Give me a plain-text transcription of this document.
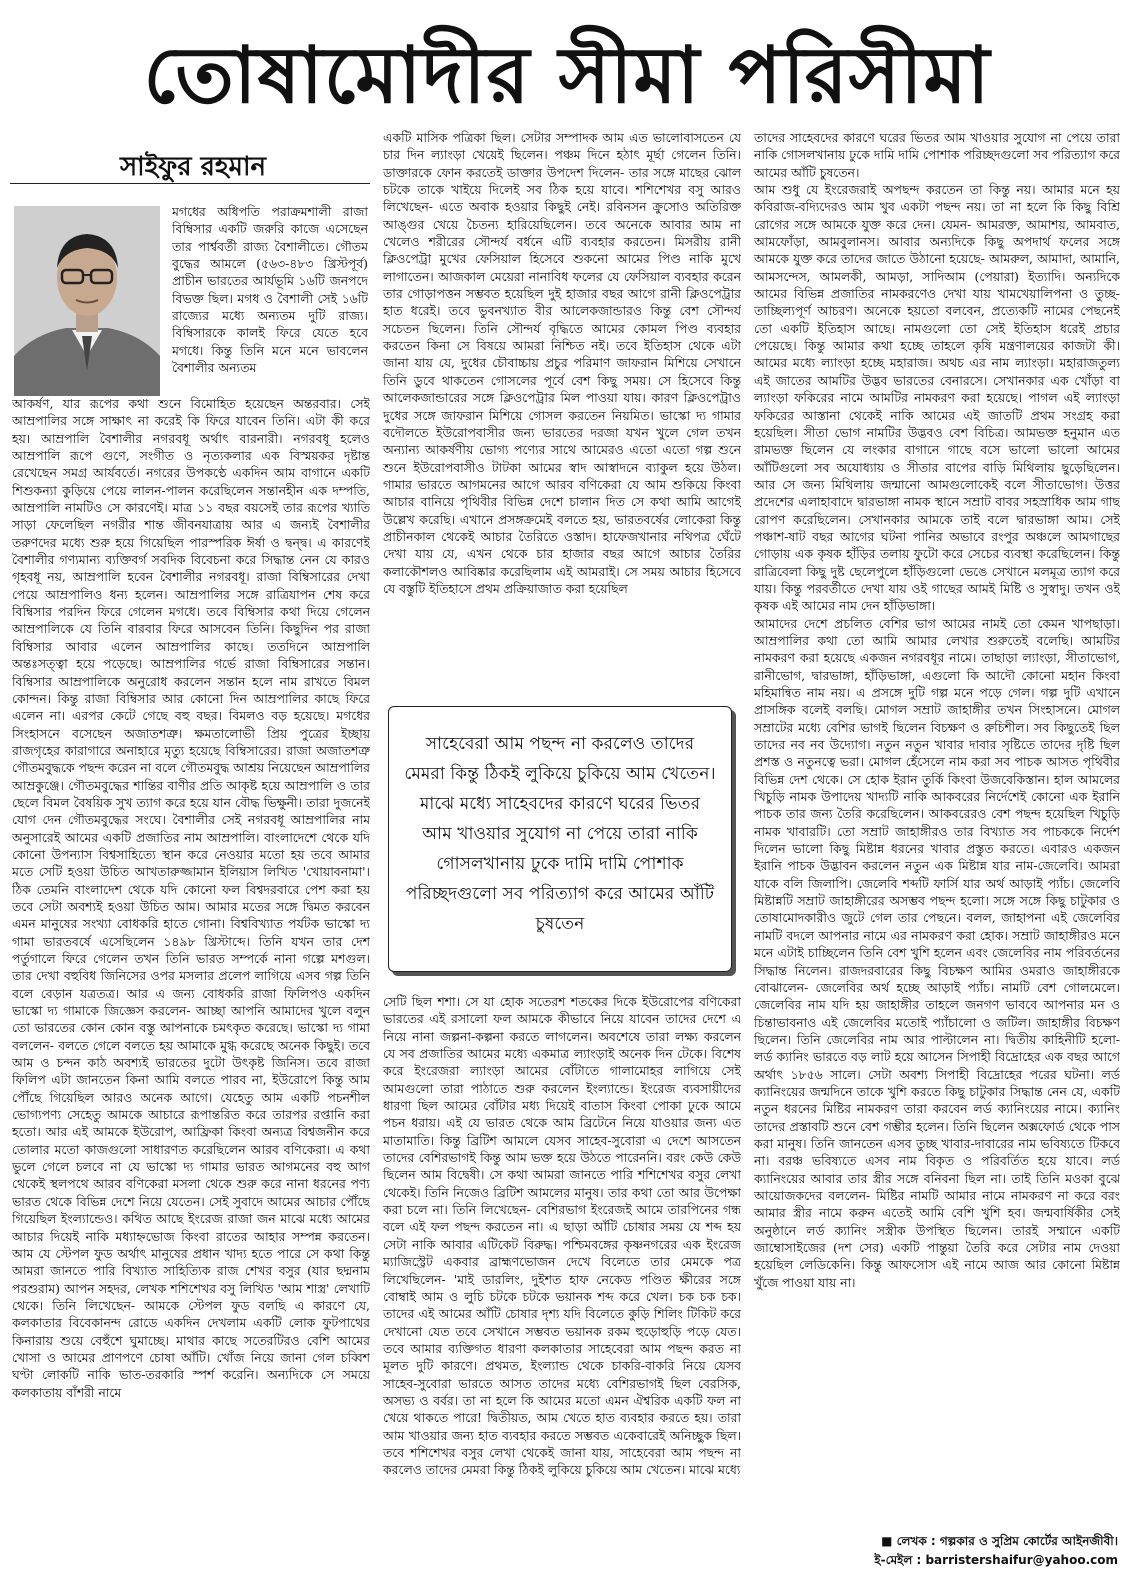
তোষামোদীর সীমা পরিসীমা
সাইফুর রহমান

মগধের অধিপতি পরাক্রমশালী রাজা বিম্বিসার একটি জরুরি কাজে এসেছেন তার পার্শ্ববর্তী রাজ্য বৈশালীতে। গৌতম বুদ্ধের আমলে (৫৬৩-৪৮৩ খ্রিস্টপূর্ব) প্রাচীন ভারতের আর্যভূমি ১৬টি জনপদে বিভক্ত ছিল। মগধ ও বৈশালী সেই ১৬টি রাজ্যের মধ্যে অন্যতম দুটি রাজ্য। বিম্বিসারকে কালই ফিরে যেতে হবে মগধে। কিন্তু তিনি মনে মনে ভাবলেন বৈশালীর অন্যতম

আকর্ষণ, যার রূপের কথা শুনে বিমোহিত হয়েছেন অন্তরবার। সেই আম্রপালির সঙ্গে সাক্ষাৎ না করেই কি ফিরে যাবেন তিনি। এটা কী করে হয়। আম্রপালি বৈশালীর নগরবধূ অর্থাৎ বারনারী। নগরবধূ হলেও আম্রপালি রূপে গুণে, সংগীত ও নৃত্যকলার এক বিস্ময়কর দৃষ্টান্ত রেখেছেন সমগ্র আর্যবর্তে। নগরের উপকণ্ঠে একদিন আম বাগানে একটি শিশুকন্যা কুড়িয়ে পেয়ে লালন-পালন করেছিলেন সন্তানহীন এক দম্পতি, আম্রপালি নামটিও সে কারণেই। মাত্র ১১ বছর বয়সেই তার রূপের খ্যাতি সাড়া ফেলেছিল নগরীর শান্ত জীবনযাত্রায় আর এ জন্যই বৈশালীর তরুণদের মধ্যে শুরু হয়ে গিয়েছিল পারস্পরিক ঈর্ষা ও দ্বন্দ্ব। এ কারণেই বৈশালীর গণ্যমান্য ব্যক্তিবর্গ সবদিক বিবেচনা করে সিদ্ধান্ত নেন যে কারও গৃহবধূ নয়, আম্রপালি হবেন বৈশালীর নগরবধূ। রাজা বিম্বিসারের দেখা পেয়ে আম্রপালিও ধন্য হলেন। আম্রপালির সঙ্গে রাত্রিযাপন শেষ করে বিম্বিসার পরদিন ফিরে গেলেন মগধে। তবে বিম্বিসার কথা দিয়ে গেলেন আম্রপালিকে যে তিনি বারবার ফিরে আসবেন তিনি। কিছুদিন পর রাজা বিম্বিসার আবার এলেন আম্রপালির কাছে। ততদিনে আম্রপালি অন্তঃসত্ত্বা হয়ে পড়েছে। আম্রপালির গর্ভে রাজা বিম্বিসারের সন্তান। বিম্বিসার আম্রপালিকে অনুরোধ করলেন সন্তান হলে নাম রাখতে বিমল কোন্দন। কিন্তু রাজা বিম্বিসার আর কোনো দিন আম্রপালির কাছে ফিরে এলেন না। এরপর কেটে গেছে বহু বছর। বিমলও বড় হয়েছে। মগধের সিংহাসনে বসেছেন অজাতশত্রু। ক্ষমতালোভী প্রিয় পুত্রের ইচ্ছায় রাজগৃহের কারাগারে অনাহারে মৃত্যু হয়েছে বিম্বিসারের। রাজা অজাতশত্রু গৌতমবুদ্ধকে পছন্দ করেন না বলে গৌতমবুদ্ধ আশ্রয় নিয়েছেন আম্রপালির আম্রকুঞ্জে। গৌতমবুদ্ধের শান্তির বাণীর প্রতি আকৃষ্ট হয়ে আম্রপালি ও তার ছেলে বিমল বৈষয়িক সুখ ত্যাগ করে হয়ে যান বৌদ্ধ ভিক্ষুনী। তারা দুজনেই যোগ দেন গৌতমবুদ্ধের সংঘে। বৈশালীর সেই নগরবধূ আম্রপালির নাম অনুসারেই আমের একটি প্রজাতির নাম আম্রপালি। বাংলাদেশে থেকে যদি কোনো উপন্যাস বিশ্বসাহিত্যে স্থান করে নেওয়ার মতো হয় তবে আমার মতে সেটি হওয়া উচিত আখতারুজ্জামান ইলিয়াস লিখিত 'খোয়াবনামা'। ঠিক তেমনি বাংলাদেশ থেকে যদি কোনো ফল বিশ্বদরবারে পেশ করা হয় তবে সেটা অবশ্যই হওয়া উচিত আম। আমার মতের সঙ্গে দ্বিমত করবেন এমন মানুষের সংখ্যা বোধকরি হাতে গোনা। বিশ্ববিখ্যাত পর্যটক ভাস্কো দ্য গামা ভারতবর্ষে এসেছিলেন ১৪৯৮ খ্রিস্টাব্দে। তিনি যখন তার দেশ পর্তুগালে ফিরে গেলেন তখন তিনি ভারত সম্পর্কে নানা গল্পে মশগুল। তার দেখা বহুবিধ জিনিসের ওপর মসলার প্রলেপ লাগিয়ে এসব গল্প তিনি বলে বেড়ান যত্রতত্র। আর এ জন্য বোধকরি রাজা ফিলিপও একদিন ভাস্কো দ্য গামাকে জিজ্ঞেস করলেন- আচ্ছা আপনি আমাদের খুলে বলুন তো ভারতের কোন কোন বস্তু আপনাকে চমৎকৃত করেছে। ভাস্কো দ্য গামা বললেন- বলতে গেলে বলতে হয় আমাকে মুগ্ধ করেছে অনেক কিছুই। তবে আম ও চন্দন কাঠ অবশ্যই ভারতের দুটো উৎকৃষ্ট জিনিস। তবে রাজা ফিলিপ এটা জানতেন কিনা আমি বলতে পারব না, ইউরোপে কিন্তু আম পৌঁছে গিয়েছিল আরও অনেক আগে। যেহেতু আম একটি পচনশীল ভোগ্যপণ্য সেহেতু আমকে আচারে রূপান্তরিত করে তারপর রপ্তানি করা হতো। আর এই আমকে ইউরোপ, আফ্রিকা কিংবা অন্যত্র বিশ্বজনীন করে তোলার মতো কাজগুলো সাধারণত করেছিলেন আরব বণিকেরা। এ কথা ভুলে গেলে চলবে না যে ভাস্কো দ্য গামার ভারত আগমনের বহু আগ থেকেই স্থলপথে আরব বণিকেরা মসলা থেকে শুরু করে নানা ধরনের পণ্য ভারত থেকে বিভিন্ন দেশে নিয়ে যেতেন। সেই সুবাদে আমের আচার পৌঁছে গিয়েছিল ইংল্যান্ডেও। কথিত আছে ইংরেজ রাজা জন মাঝে মধ্যে আমের আচার দিয়েই নাকি মধ্যাহ্নভোজ কিংবা রাতের আহার সম্পন্ন করতেন। আম যে স্টেপল ফুড অর্থাৎ মানুষের প্রধান খাদ্য হতে পারে সে কথা কিন্তু আমরা জানতে পারি বিখ্যাত সাহিত্যিক রাজ শেখর বসুর (যার ছদ্মনাম পরশুরাম) আপন সহদর, লেখক শশিশেখর বসু লিখিত 'আম শাস্ত্র' লেখাটি থেকে। তিনি লিখেছেন- আমকে স্টেপল ফুড বলছি এ কারণে যে, কলকাতার বিবেকানন্দ রোডে একদিন দেখলাম একটি লোক ফুটপাথের কিনারায় শুয়ে বেহুঁশে ঘুমাচ্ছে। মাথার কাছে সতেরটিরও বেশি আমের খোসা ও আমের প্রাণপণে চোষা আঁটি। খোঁজ নিয়ে জানা গেল চব্বিশ ঘণ্টা লোকটি নাকি ভাত-তরকারি স্পর্শ করেনি। অন্যদিকে সে সময়ে কলকাতায় বাঁশরী নামে

একটি মাসিক পত্রিকা ছিল। সেটার সম্পাদক আম এত ভালোবাসতেন যে চার দিন ল্যাংড়া খেয়েই ছিলেন। পঞ্চম দিনে হঠাৎ মূর্ছা গেলেন তিনি। ডাক্তারকে ফোন করতেই ডাক্তার উপদেশ দিলেন- তার সঙ্গে মাছের ঝোল চটকে তাকে খাইয়ে দিলেই সব ঠিক হয়ে যাবে। শশিশেখর বসু আরও লিখেছেন- এতে অবাক হওয়ার কিছুই নেই। রবিনসন ক্রুসোও অতিরিক্ত আঙ্গুর খেয়ে চৈতন্য হারিয়েছিলেন। তবে অনেকে আবার আম না খেলেও শরীরের সৌন্দর্য বর্ধনে এটি ব্যবহার করতেন। মিসরীয় রানী ক্লিওপেট্রা মুখের ফেসিয়াল হিসেবে শুকনো আমের পিণ্ড নাকি মুখে লাগাতেন। আজকাল মেয়েরা নানাবিধ ফলের যে ফেসিয়াল ব্যবহার করেন তার গোড়াপত্তন সম্ভবত হয়েছিল দুই হাজার বছর আগে রানী ক্লিওপেট্রার হাত ধরেই। তবে ভুবনখ্যাত বীর আলেকজান্ডারও কিন্তু বেশ সৌন্দর্য সচেতন ছিলেন। তিনি সৌন্দর্য বৃদ্ধিতে আমের কোমল পিণ্ড ব্যবহার করতেন কিনা সে বিষয়ে আমরা নিশ্চিত নই। তবে ইতিহাস থেকে এটা জানা যায় যে, দুধের চৌবাচ্চায় প্রচুর পরিমাণ জাফরান মিশিয়ে সেখানে তিনি ডুবে থাকতেন গোসলের পূর্বে বেশ কিছু সময়। সে হিসেবে কিন্তু আলেকজান্ডারের সঙ্গে ক্লিওপেট্রার মিল পাওয়া যায়। কারণ ক্লিওপেট্রাও দুধের সঙ্গে জাফরান মিশিয়ে গোসল করতেন নিয়মিত। ভাস্কো দ্য গামার বদৌলতে ইউরোপবাসীর জন্য ভারতের দরজা যখন খুলে গেল তখন অন্যান্য আকর্ষণীয় ভোগ্য পণ্যের সাথে আমেরও এতো এতো গল্প শুনে শুনে ইউরোপবাসীও টাটকা আমের স্বাদ আস্বাদনে ব্যাকুল হয়ে উঠল। গামার ভারতে আগমনের আগে আরব বণিকেরা যে আম শুকিয়ে কিংবা আচার বানিয়ে পৃথিবীর বিভিন্ন দেশে চালান দিত সে কথা আমি আগেই উল্লেখ করেছি। এখানে প্রসঙ্গক্রমেই বলতে হয়, ভারতবর্ষের লোকেরা কিন্তু প্রাচীনকাল থেকেই আচার তৈরিতে ওস্তাদ। হাফেজখানার নথিপত্র ঘেঁটে দেখা যায় যে, এখন থেকে চার হাজার বছর আগে আচার তৈরির কলাকৌশলও আবিষ্কার করেছিলাম এই আমরাই। সে সময় আচার হিসেবে যে বস্তুটি ইতিহাসে প্রথম প্রক্রিয়াজাত করা হয়েছিল

সাহেবেরা আম পছন্দ না করলেও তাদের মেমরা কিন্তু ঠিকই লুকিয়ে চুকিয়ে আম খেতেন। মাঝে মধ্যে সাহেবদের কারণে ঘরের ভিতর আম খাওয়ার সুযোগ না পেয়ে তারা নাকি গোসলখানায় ঢুকে দামি দামি পোশাক পরিচ্ছদগুলো সব পরিত্যাগ করে আমের আঁটি চুষতেন

সেটি ছিল শশা। সে যা হোক সতেরশ শতকের দিকে ইউরোপের বণিকেরা ভারতের এই রসালো ফল আমকে কীভাবে নিয়ে যাবেন তাদের দেশে এ নিয়ে নানা জল্পনা-কল্পনা করতে লাগলেন। অবশেষে তারা লক্ষ্য করলেন যে সব প্রজাতির আমের মধ্যে একমাত্র ল্যাংড়াই অনেক দিন টেকে। বিশেষ করে ইংরেজরা ল্যাংড়া আমের বোঁটাতে গালামোহর লাগিয়ে সেই আমগুলো তারা পাঠাতে শুরু করলেন ইংল্যান্ডে। ইংরেজ ব্যবসায়ীদের ধারণা ছিল আমের বোঁটার মধ্য দিয়েই বাতাস কিংবা পোকা ঢুকে আমে পচন ধরায়। এই যে ভারত থেকে আম ব্রিটেনে নিয়ে যাওয়ার জন্য এত মাতামাতি। কিন্তু ব্রিটিশ আমলে যেসব সাহেব-সুবোরা এ দেশে আসতেন তাদের বেশিরভাগই কিন্তু আম ভক্ত হয়ে উঠতে পারেননি। বরং কেউ কেউ ছিলেন আম বিদ্বেষী। সে কথা আমরা জানতে পারি শশিশেখর বসুর লেখা থেকেই। তিনি নিজেও ব্রিটিশ আমলের মানুষ। তার কথা তো আর উপেক্ষা করা চলে না। তিনি লিখেছেন- বেশিরভাগ ইংরেজই আমে তারপিনের গন্ধ বলে এই ফল পছন্দ করতেন না। এ ছাড়া আঁটি চোষার সময় যে শব্দ হয় সেটা নাকি আবার এটিকেট বিরুদ্ধ। পশ্চিমবঙ্গের কৃষ্ণনগরের এক ইংরেজ ম্যাজিস্ট্রেট একবার ব্রাহ্মণভোজন দেখে বিলেতে তার মেমকে পত্র লিখেছিলেন- 'মাই ডারলিং, দুইশত হাফ নেকেড পণ্ডিত ক্ষীরের সঙ্গে বোম্বাই আম ও লুচি চটকে চটকে ভয়ানক শব্দ করে খেল। চক চক চক। তাদের এই আমের আঁটি চোষার দৃশ্য যদি বিলেতে কুড়ি শিলিং টিকিট করে দেখানো যেত তবে সেখানে সম্ভবত ভয়ানক রকম হুড়োহুড়ি পড়ে যেত। তবে আমার ব্যক্তিগত ধারণা কলকাতার সাহেবেরা আম পছন্দ করত না মূলত দুটি কারণে। প্রথমত, ইংল্যান্ড থেকে চাকরি-বাকরি নিয়ে যেসব সাহেব-সুবোরা ভারতে আসত তাদের মধ্যে বেশিরভাগই ছিল বেরসিক, অসভ্য ও বর্বর। তা না হলে কি আমের মতো এমন ঐশ্বরিক একটি ফল না খেয়ে থাকতে পারে! দ্বিতীয়ত, আম খেতে হাত ব্যবহার করতে হয়। তারা আম খাওয়ার জন্য হাত ব্যবহার করতে সম্ভবত একেবারেই অনিচ্ছুক ছিল। তবে শশিশেখর বসুর লেখা থেকেই জানা যায়, সাহেবেরা আম পছন্দ না করলেও তাদের মেমরা কিন্তু ঠিকই লুকিয়ে চুকিয়ে আম খেতেন। মাঝে মধ্যে

তাদের সাহেবদের কারণে ঘরের ভিতর আম খাওয়ার সুযোগ না পেয়ে তারা নাকি গোসলখানায় ঢুকে দামি দামি পোশাক পরিচ্ছদগুলো সব পরিত্যাগ করে আমের আঁটি চুষতেন।

আম শুধু যে ইংরেজরাই অপছন্দ করতেন তা কিন্তু নয়। আমার মনে হয় কবিরাজ-বদ্যিদেরও আম খুব একটা পছন্দ নয়। তা না হলে কি কিছু বিশ্রি রোগের সঙ্গে আমকে যুক্ত করে দেন। যেমন- আমরক্ত, আমাশয়, আমবাত, আমফোঁড়া, আমবুলানস। আবার অন্যদিকে কিছু অপদার্থ ফলের সঙ্গে আমকে যুক্ত করে তাদের জাতে উঠানো হয়েছে- আমরুল, আমাদা, আমানি, আমসন্দেস, আমলকী, আমড়া, সাদিআম (পেয়ারা) ইত্যাদি। অন্যদিকে আমের বিভিন্ন প্রজাতির নামকরণেও দেখা যায় খামখেয়ালিপনা ও তুচ্ছ-তাচ্ছিল্যপূর্ণ আচরণ। অনেকে হয়তো বলবেন, প্রত্যেকটি নামের পেছনেই তো একটি ইতিহাস আছে। নামগুলো তো সেই ইতিহাস ধরেই প্রচার পেয়েছে। কিন্তু আমার কথা হচ্ছে তাহলে কৃষি মন্ত্রণালয়ের কাজটা কী। আমের মধ্যে ল্যাংড়া হচ্ছে মহারাজ। অথচ এর নাম ল্যাংড়া। মহারাজতুল্য এই জাতের আমটির উদ্ভব ভারতের বেনারসে। সেখানকার এক খোঁড়া বা ল্যাংড়া ফকিরের নামে আমটির নামকরণ করা হয়েছে। পাগল এই ল্যাংড়া ফকিরের আস্তানা থেকেই নাকি আমের এই জাতটি প্রথম সংগ্রহ করা হয়েছিল। সীতা ভোগ নামটির উদ্ভবও বেশ বিচিত্র। আমভক্ত হনুমান এত রামভক্ত ছিলেন যে লংকার বাগানে গাছে বসে ভালো ভালো আমের আঁটিগুলো সব অযোধ্যায় ও সীতার বাপের বাড়ি মিথিলায় ছুড়েছিলেন। আর সে জন্য মিথিলায় জন্মানো আমগুলোকেই বলে সীতাভোগ। উত্তর প্রদেশের এলাহাবাদে দ্বারভাঙ্গা নামক স্থানে সম্রাট বাবর সহস্রাধিক আম গাছ রোপণ করেছিলেন। সেখানকার আমকে তাই বলে দ্বারভাঙ্গা আম। সেই পঞ্চাশ-ষাট বছর আগের ঘটনা পানির অভাবে রংপুর অঞ্চলে আমগাছের গোড়ায় এক কৃষক হাঁড়ির তলায় ফুটো করে সেচের ব্যবস্থা করেছিলেন। কিন্তু রাত্রিবেলা কিছু দুষ্ট ছেলেপুলে হাঁড়িগুলো ভেঙে সেখানে মলমূত্র ত্যাগ করে যায়। কিন্তু পরবর্তীতে দেখা যায় ওই গাছের আমই মিষ্টি ও সুস্বাদু। তখন ওই কৃষক এই আমের নাম দেন হাঁড়িভাঙ্গা।

আমাদের দেশে প্রচলিত বেশির ভাগ আমের নামই তো কেমন খাপছাড়া। আম্রপালির কথা তো আমি আমার লেখার শুরুতেই বলেছি। আমটির নামকরণ করা হয়েছে একজন নগরবধূর নামে। তাছাড়া ল্যাংড়া, সীতাভোগ, রানীভোগ, দ্বারভাঙ্গা, হাঁড়িভাঙ্গা, এগুলো কি আদৌ কোনো মহান কিংবা মহিমান্বিত নাম নয়। এ প্রসঙ্গে দুটি গল্প মনে পড়ে গেল। গল্প দুটি এখানে প্রাসঙ্গিক বলেই বলছি। মোগল সম্রাট জাহাঙ্গীর তখন সিংহাসনে। মোগল সম্রাটের মধ্যে বেশির ভাগই ছিলেন বিচক্ষণ ও রুচিশীল। সব কিছুতেই ছিল তাদের নব নব উদ্যোগ। নতুন নতুন খাবার দাবার সৃষ্টিতে তাদের দৃষ্টি ছিল প্রশস্ত ও নতুনত্বে ভরা। মোগল হেঁসেলে নাম করা সব পাচক আসত পৃথিবীর বিভিন্ন দেশ থেকে। সে হোক ইরান তুর্কি কিংবা উজবেকিস্তান। হাল আমলের খিচুড়ি নামক উপাদেয় খাদ্যটি নাকি আকবরের নির্দেশেই কোনো এক ইরানি পাচক তার জন্য তৈরি করেছিলেন। আকবরেরও বেশ পছন্দ হয়েছিল খিচুড়ি নামক খাবারটি। তো সম্রাট জাহাঙ্গীরও তার বিখ্যাত সব পাচককে নির্দেশ দিলেন ভালো কিছু মিষ্টান্ন ধরনের খাবার প্রস্তুত করতে। এবারও একজন ইরানি পাচক উদ্ভাবন করলেন নতুন এক মিষ্টান্ন যার নাম-জেলেবি। আমরা যাকে বলি জিলাপি। জেলেবি শব্দটি ফার্সি যার অর্থ আড়াই প্যাঁচ। জেলেবি মিষ্টান্নটি সম্রাট জাহাঙ্গীরের অসম্ভব পছন্দ হলো। সঙ্গে সঙ্গে কিছু চাটুকার ও তোষামোদকারীও জুটে গেল তার পেছনে। বলল, জাহাপনা এই জেলেবির নামটি বদলে আপনার নামে এর নামকরণ করা হোক। সম্রাট জাহাঙ্গীরও মনে মনে এটাই চাচ্ছিলেন তিনি বেশ খুশি হলেন এবং জেলেবির নাম পরিবর্তনের সিদ্ধান্ত নিলেন। রাজদরবারের কিছু বিচক্ষণ আমির ওমরাও জাহাঙ্গীরকে বোঝালেন- জেলেবির অর্থ হচ্ছে আড়াই প্যাঁচ। নামটি বেশ গোলমেলে। জেলেবির নাম যদি হয় জাহাঙ্গীর তাহলে জনগণ ভাববে আপনার মন ও চিন্তাভাবনাও এই জেলেবির মতোই প্যাঁচালো ও জটিল। জাহাঙ্গীর বিচক্ষণ ছিলেন। তিনি জেলেবির নাম আর পাল্টালেন না। দ্বিতীয় কাহিনীটি হলো- লর্ড ক্যানিং ভারতে বড় লাট হয়ে আসেন সিপাহী বিদ্রোহের এক বছর আগে অর্থাৎ ১৮৫৬ সালে। সেটা অবশ্য সিপাহী বিদ্রোহের পরের ঘটনা। লর্ড ক্যানিংয়ের জন্মদিনে তাকে খুশি করতে কিছু চাটুকার সিদ্ধান্ত নেন যে, একটি নতুন ধরনের মিষ্টির নামকরণ তারা করবেন লর্ড ক্যানিংয়ের নামে। ক্যানিং তাদের প্রস্তাবটি শুনে বেশ গম্ভীর হলেন। তিনি ছিলেন অক্সফোর্ড থেকে পাস করা মানুষ। তিনি জানতেন এসব তুচ্ছ খাবার-দাবারের নাম ভবিষ্যতে টিকবে না। বরঞ্চ ভবিষ্যতে এসব নাম বিকৃত ও পরিবর্তিত হয়ে যাবে। লর্ড ক্যানিংয়ের আবার তার স্ত্রীর সঙ্গে বনিবনা ছিল না। তাই তিনি মওকা বুঝে আয়োজকদের বললেন- মিষ্টির নামটি আমার নামে নামকরণ না করে বরং আমার স্ত্রীর নামে করুন এতেই আমি বেশি খুশি হব। জন্মবার্ষিকীর সেই অনুষ্ঠানে লর্ড ক্যানিং সস্ত্রীক উপস্থিত ছিলেন। তারই সম্মানে একটি জাম্বোসাইজের (দশ সের) একটি পান্তুয়া তৈরি করে সেটার নাম দেওয়া হয়েছিল লেডিকেনি। কিন্তু আফসোস এই নামে আজ আর কোনো মিষ্টান্ন খুঁজে পাওয়া যায় না।

■ লেখক : গল্পকার ও সুপ্রিম কোর্টের আইনজীবী।
ই-মেইল : barristershaifur@yahoo.com
